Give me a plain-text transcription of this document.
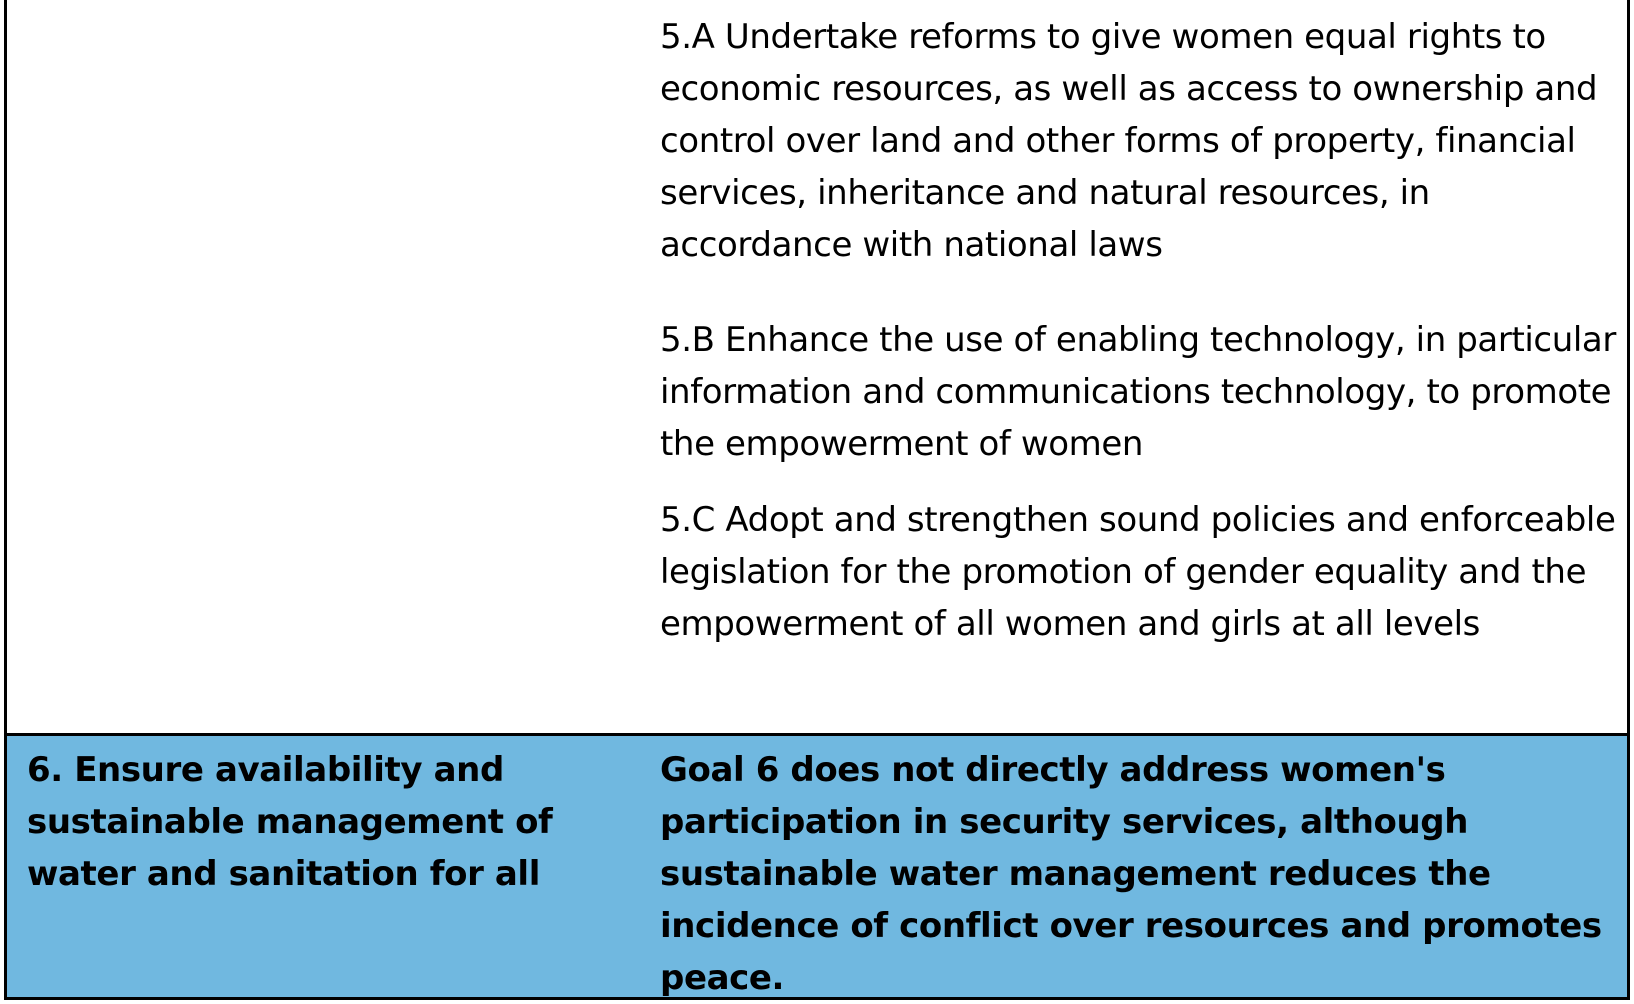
5.A Undertake reforms to give women equal rights to economic resources, as well as access to ownership and control over land and other forms of property, financial services, inheritance and natural resources, in accordance with national laws

5.B Enhance the use of enabling technology, in particular information and communications technology, to promote the empowerment of women

5.C Adopt and strengthen sound policies and enforceable legislation for the promotion of gender equality and the empowerment of all women and girls at all levels

6. Ensure availability and sustainable management of water and sanitation for all

Goal 6 does not directly address women's participation in security services, although sustainable water management reduces the incidence of conflict over resources and promotes peace.
